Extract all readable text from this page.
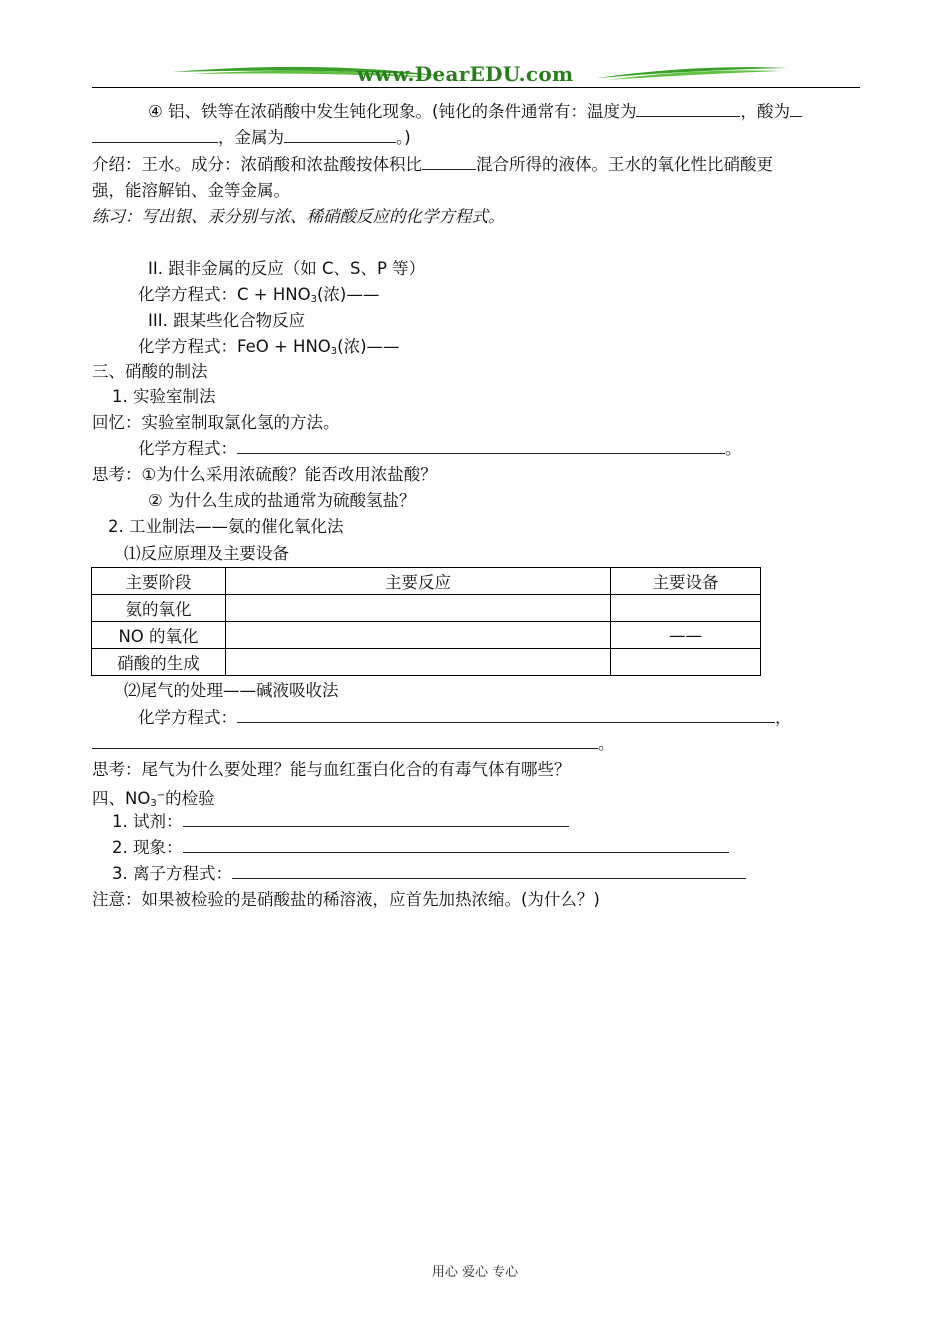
www.DearEDU.com
④ 铝、铁等在浓硝酸中发生钝化现象。(钝化的条件通常有：温度为	，酸为
，金属为	。)
介绍：王水。成分：浓硝酸和浓盐酸按体积比	混合所得的液体。王水的氧化性比硝酸更
强，能溶解铂、金等金属。
练习：写出银、汞分别与浓、稀硝酸反应的化学方程式。
II. 跟非金属的反应（如 C、S、P 等）
化学方程式：$C + HNO_3$(浓)——
III. 跟某些化合物反应
化学方程式：FeO + $HNO_3$(浓)——
三、硝酸的制法
1. 实验室制法
回忆：实验室制取氯化氢的方法。
化学方程式：	。
思考：①为什么采用浓硫酸？能否改用浓盐酸？
② 为什么生成的盐通常为硫酸氢盐？
2. 工业制法——氨的催化氧化法
⑴反应原理及主要设备
主要阶段	主要反应	主要设备
氨的氧化		
NO 的氧化		——
硝酸的生成		
⑵尾气的处理——碱液吸收法
化学方程式：	，
。
思考：尾气为什么要处理？能与血红蛋白化合的有毒气体有哪些？
四、$NO_3^-$的检验
1. 试剂：
2. 现象：
3. 离子方程式：
注意：如果被检验的是硝酸盐的稀溶液，应首先加热浓缩。(为什么？)
用心 爱心 专心
